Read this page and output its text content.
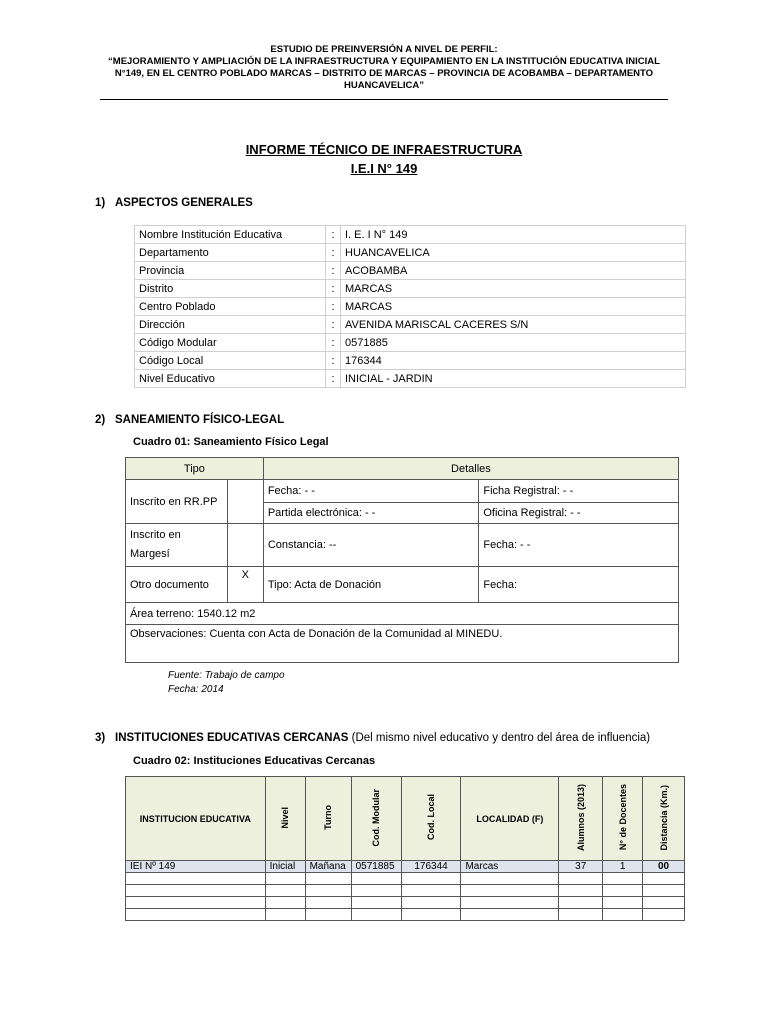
ESTUDIO DE PREINVERSIÓN A NIVEL DE PERFIL:
“MEJORAMIENTO Y AMPLIACIÓN DE LA INFRAESTRUCTURA Y EQUIPAMIENTO EN LA INSTITUCIÓN EDUCATIVA INICIAL
N°149, EN EL CENTRO POBLADO MARCAS – DISTRITO DE MARCAS – PROVINCIA DE ACOBAMBA – DEPARTAMENTO
HUANCAVELICA”
INFORME TÉCNICO DE INFRAESTRUCTURA
I.E.I N° 149
1) ASPECTOS GENERALES
Nombre Institución Educativa	:	I. E. I N° 149
Departamento	:	HUANCAVELICA
Provincia	:	ACOBAMBA
Distrito	:	MARCAS
Centro Poblado	:	MARCAS
Dirección	:	AVENIDA MARISCAL CACERES S/N
Código Modular	:	0571885
Código Local	:	176344
Nivel Educativo	:	INICIAL - JARDIN
2) SANEAMIENTO FÍSICO-LEGAL
Cuadro 01: Saneamiento Físico Legal
Tipo		Detalles	
Inscrito en RR.PP		Fecha: - -	Ficha Registral: - -
		Partida electrónica: - -	Oficina Registral: - -

Inscrito en
Margesí		Constancia: --	Fecha: - -
Otro documento	X	Tipo: Acta de Donación	Fecha:
Área terreno: 1540.12 m2			
Observaciones: Cuenta con Acta de Donación de la Comunidad al MINEDU.			
Fuente: Trabajo de campo
Fecha: 2014
3) INSTITUCIONES EDUCATIVAS CERCANAS (Del mismo nivel educativo y dentro del área de influencia)
Cuadro 02: Instituciones Educativas Cercanas
INSTITUCION EDUCATIVA	Nivel	Turno	Cod. Modular	Cod. Local	LOCALIDAD (F)	Alumnos (2013)	N° de Docentes	Distancia (Km.)
IEI Nº 149	Inicial	Mañana	0571885	176344	Marcas	37	1	00
